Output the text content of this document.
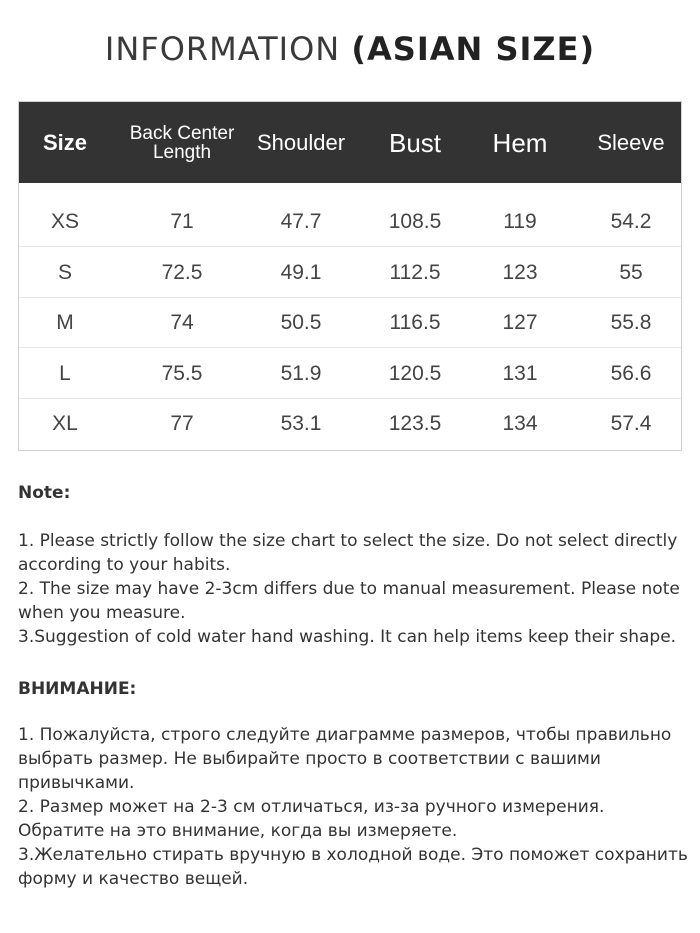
INFORMATION (ASIAN SIZE)
Size	Back Center Length	Shoulder	Bust	Hem	Sleeve
XS	71	47.7	108.5	119	54.2
S	72.5	49.1	112.5	123	55
M	74	50.5	116.5	127	55.8
L	75.5	51.9	120.5	131	56.6
XL	77	53.1	123.5	134	57.4
Note:
1. Please strictly follow the size chart to select the size. Do not select directly
according to your habits.
2. The size may have 2-3cm differs due to manual measurement. Please note
when you measure.
3.Suggestion of cold water hand washing. It can help items keep their shape.
ВНИМАНИЕ:
1. Пожалуйста, строго следуйте диаграмме размеров, чтобы правильно
выбрать размер. Не выбирайте просто в соответствии с вашими
привычками.
2. Размер может на 2-3 см отличаться, из-за ручного измерения.
Обратите на это внимание, когда вы измеряете.
3.Желательно стирать вручную в холодной воде. Это поможет сохранить
форму и качество вещей.
